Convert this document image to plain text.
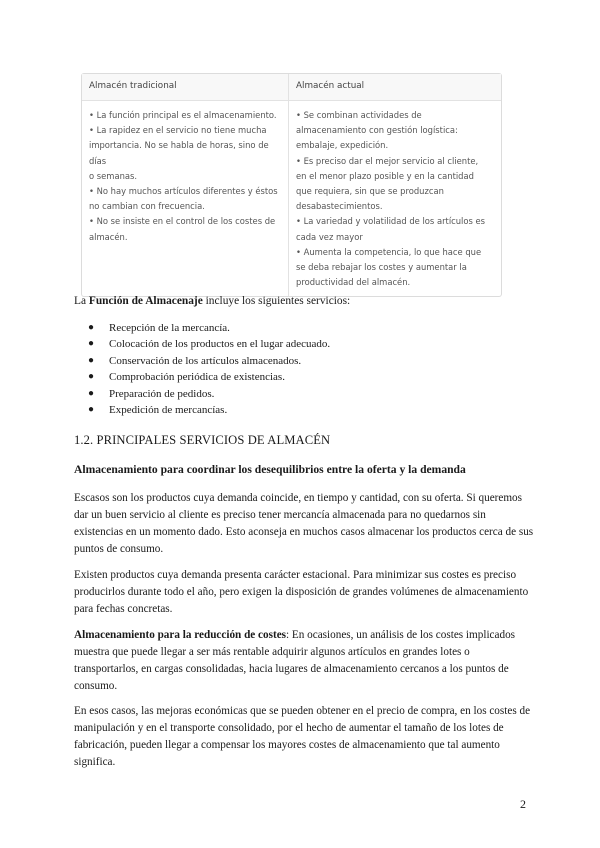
Almacén tradicional	Almacén actual

• La función principal es el almacenamiento.

• La rapidez en el servicio no tiene mucha

importancia. No se habla de horas, sino de días

o semanas.

• No hay muchos artículos diferentes y éstos

no cambian con frecuencia.

• No se insiste en el control de los costes de

almacén.

• Se combinan actividades de

almacenamiento con gestión logística:

embalaje, expedición.

• Es preciso dar el mejor servicio al cliente,

en el menor plazo posible y en la cantidad

que requiera, sin que se produzcan

desabastecimientos.

• La variedad y volatilidad de los artículos es

cada vez mayor

• Aumenta la competencia, lo que hace que

se deba rebajar los costes y aumentar la

productividad del almacén.

La Función de Almacenaje incluye los siguientes servicios:
● Recepción de la mercancía.
● Colocación de los productos en el lugar adecuado.
● Conservación de los artículos almacenados.
● Comprobación periódica de existencias.
● Preparación de pedidos.
● Expedición de mercancías.
1.2. PRINCIPALES SERVICIOS DE ALMACÉN
Almacenamiento para coordinar los desequilibrios entre la oferta y la demanda

Escasos son los productos cuya demanda coincide, en tiempo y cantidad, con su oferta. Si queremos dar un buen servicio al cliente es preciso tener mercancía almacenada para no quedarnos sin existencias en un momento dado. Esto aconseja en muchos casos almacenar los productos cerca de sus puntos de consumo.

Existen productos cuya demanda presenta carácter estacional. Para minimizar sus costes es preciso producirlos durante todo el año, pero exigen la disposición de grandes volúmenes de almacenamiento para fechas concretas.

Almacenamiento para la reducción de costes: En ocasiones, un análisis de los costes implicados muestra que puede llegar a ser más rentable adquirir algunos artículos en grandes lotes o transportarlos, en cargas consolidadas, hacia lugares de almacenamiento cercanos a los puntos de consumo.

En esos casos, las mejoras económicas que se pueden obtener en el precio de compra, en los costes de manipulación y en el transporte consolidado, por el hecho de aumentar el tamaño de los lotes de fabricación, pueden llegar a compensar los mayores costes de almacenamiento que tal aumento significa.

2
